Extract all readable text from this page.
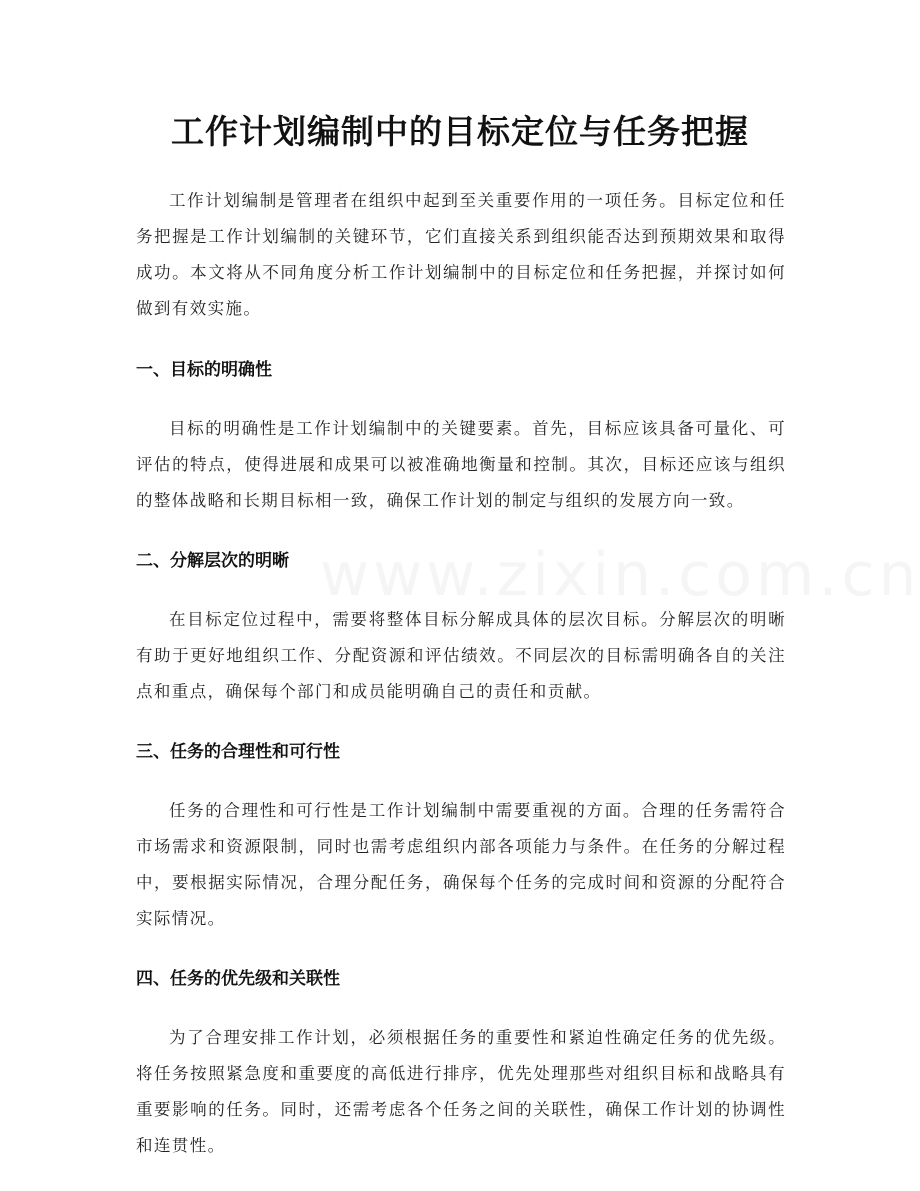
工作计划编制中的目标定位与任务把握

工作计划编制是管理者在组织中起到至关重要作用的一项任务。目标定位和任务把握是工作计划编制的关键环节，它们直接关系到组织能否达到预期效果和取得成功。本文将从不同角度分析工作计划编制中的目标定位和任务把握，并探讨如何做到有效实施。

一、目标的明确性

目标的明确性是工作计划编制中的关键要素。首先，目标应该具备可量化、可评估的特点，使得进展和成果可以被准确地衡量和控制。其次，目标还应该与组织的整体战略和长期目标相一致，确保工作计划的制定与组织的发展方向一致。

二、分解层次的明晰

在目标定位过程中，需要将整体目标分解成具体的层次目标。分解层次的明晰有助于更好地组织工作、分配资源和评估绩效。不同层次的目标需明确各自的关注点和重点，确保每个部门和成员能明确自己的责任和贡献。

三、任务的合理性和可行性

任务的合理性和可行性是工作计划编制中需要重视的方面。合理的任务需符合市场需求和资源限制，同时也需考虑组织内部各项能力与条件。在任务的分解过程中，要根据实际情况，合理分配任务，确保每个任务的完成时间和资源的分配符合实际情况。

四、任务的优先级和关联性

为了合理安排工作计划，必须根据任务的重要性和紧迫性确定任务的优先级。将任务按照紧急度和重要度的高低进行排序，优先处理那些对组织目标和战略具有重要影响的任务。同时，还需考虑各个任务之间的关联性，确保工作计划的协调性和连贯性。

www.zixin.com.cn
